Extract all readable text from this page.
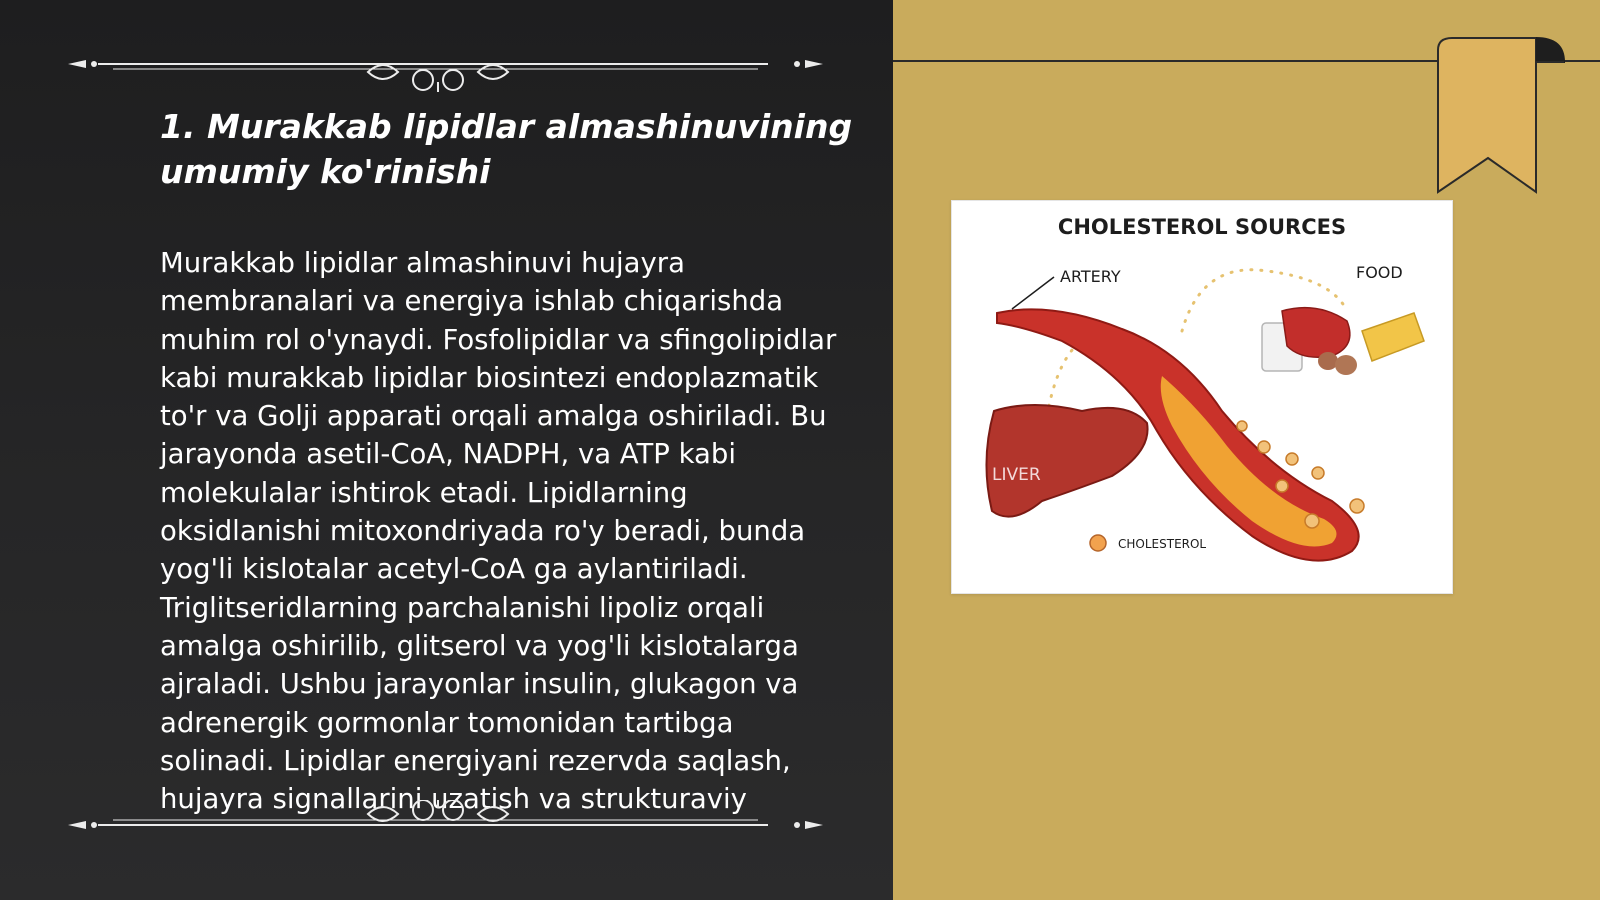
1. Murakkab lipidlar almashinuvining umumiy ko'rinishi

Murakkab lipidlar almashinuvi hujayra membranalari va energiya ishlab chiqarishda muhim rol o'ynaydi. Fosfolipidlar va sfingolipidlar kabi murakkab lipidlar biosintezi endoplazmatik to'r va Golji apparati orqali amalga oshiriladi. Bu jarayonda asetil-CoA, NADPH, va ATP kabi molekulalar ishtirok etadi. Lipidlarning oksidlanishi mitoxondriyada ro'y beradi, bunda yog'li kislotalar acetyl-CoA ga aylantiriladi. Triglitseridlarning parchalanishi lipoliz orqali amalga oshirilib, glitserol va yog'li kislotalarga ajraladi. Ushbu jarayonlar insulin, glukagon va adrenergik gormonlar tomonidan tartibga solinadi. Lipidlar energiyani rezervda saqlash, hujayra signallarini uzatish va strukturaviy

CHOLESTEROL SOURCES
ARTERY	FOOD
LIVER
CHOLESTEROL
